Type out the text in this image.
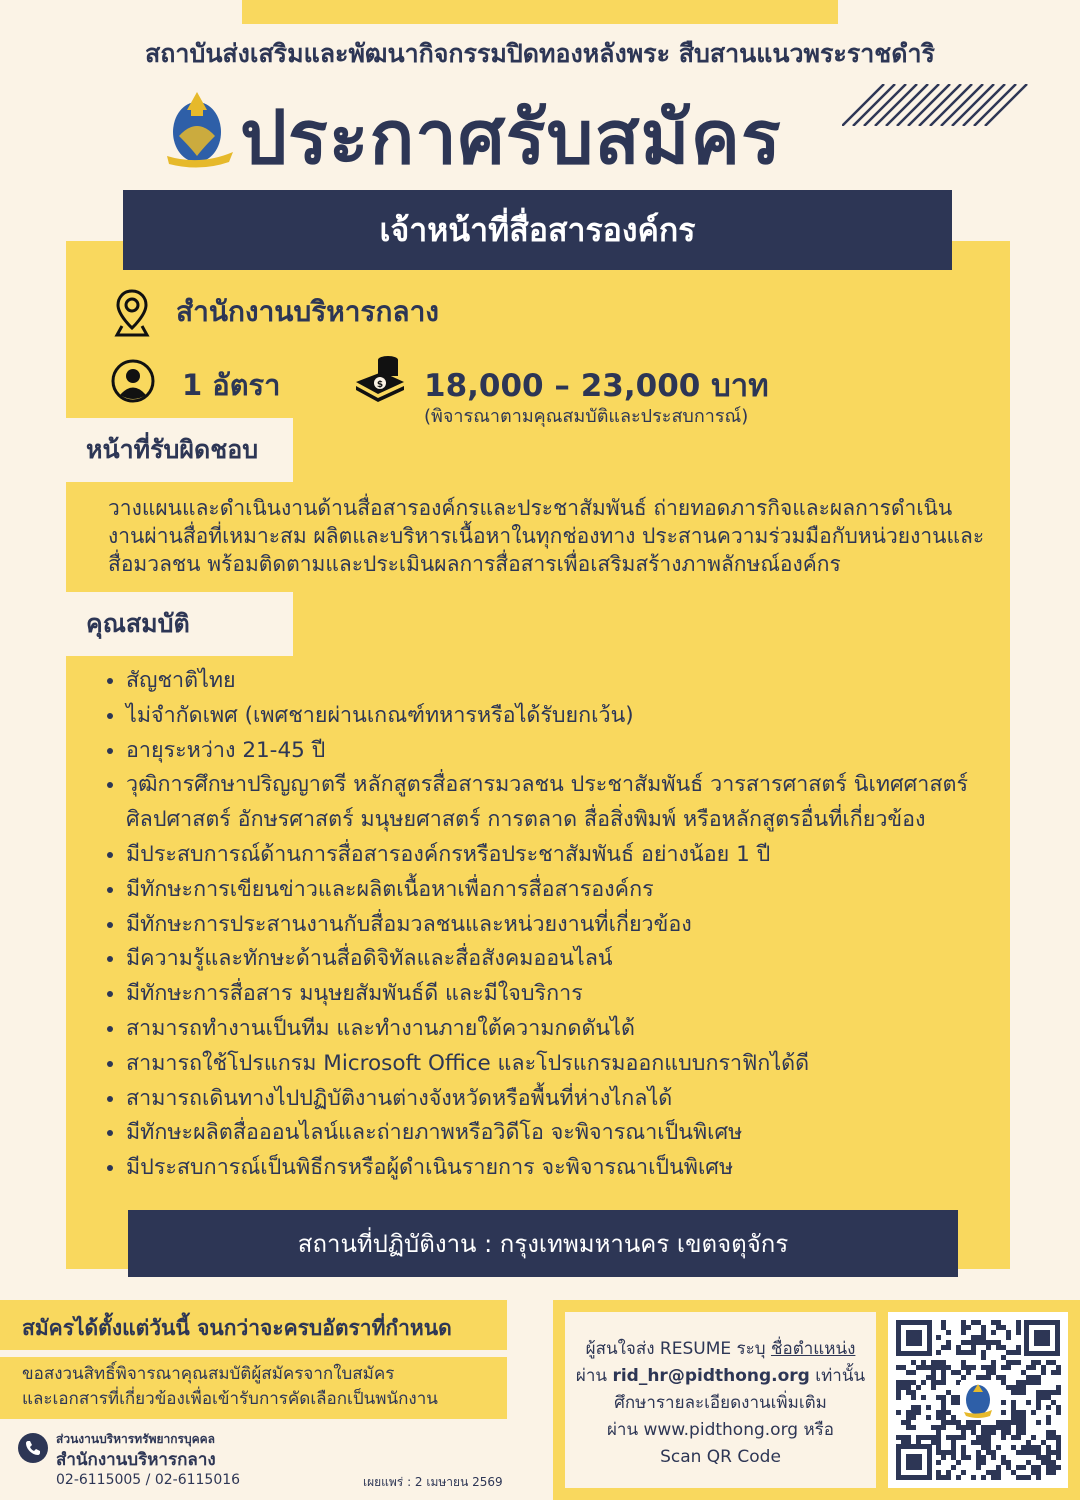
สถาบันส่งเสริมและพัฒนากิจกรรมปิดทองหลังพระ สืบสานแนวพระราชดำริ
ประกาศรับสมัคร
เจ้าหน้าที่สื่อสารองค์กร
สำนักงานบริหารกลาง
1 อัตรา	$ 18,000 – 23,000 บาท
(พิจารณาตามคุณสมบัติและประสบการณ์)
หน้าที่รับผิดชอบ
วางแผนและดำเนินงานด้านสื่อสารองค์กรและประชาสัมพันธ์ ถ่ายทอดภารกิจและผลการดำเนินงานผ่านสื่อที่เหมาะสม ผลิตและบริหารเนื้อหาในทุกช่องทาง ประสานความร่วมมือกับหน่วยงานและสื่อมวลชน พร้อมติดตามและประเมินผลการสื่อสารเพื่อเสริมสร้างภาพลักษณ์องค์กร
คุณสมบัติ
• สัญชาติไทย
• ไม่จำกัดเพศ (เพศชายผ่านเกณฑ์ทหารหรือได้รับยกเว้น)
• อายุระหว่าง 21-45 ปี
• วุฒิการศึกษาปริญญาตรี หลักสูตรสื่อสารมวลชน ประชาสัมพันธ์ วารสารศาสตร์ นิเทศศาสตร์ ศิลปศาสตร์ อักษรศาสตร์ มนุษยศาสตร์ การตลาด สื่อสิ่งพิมพ์ หรือหลักสูตรอื่นที่เกี่ยวข้อง
• มีประสบการณ์ด้านการสื่อสารองค์กรหรือประชาสัมพันธ์ อย่างน้อย 1 ปี
• มีทักษะการเขียนข่าวและผลิตเนื้อหาเพื่อการสื่อสารองค์กร
• มีทักษะการประสานงานกับสื่อมวลชนและหน่วยงานที่เกี่ยวข้อง
• มีความรู้และทักษะด้านสื่อดิจิทัลและสื่อสังคมออนไลน์
• มีทักษะการสื่อสาร มนุษยสัมพันธ์ดี และมีใจบริการ
• สามารถทำงานเป็นทีม และทำงานภายใต้ความกดดันได้
• สามารถใช้โปรแกรม Microsoft Office และโปรแกรมออกแบบกราฟิกได้ดี
• สามารถเดินทางไปปฏิบัติงานต่างจังหวัดหรือพื้นที่ห่างไกลได้
• มีทักษะผลิตสื่อออนไลน์และถ่ายภาพหรือวิดีโอ จะพิจารณาเป็นพิเศษ
• มีประสบการณ์เป็นพิธีกรหรือผู้ดำเนินรายการ จะพิจารณาเป็นพิเศษ
สถานที่ปฏิบัติงาน : กรุงเทพมหานคร เขตจตุจักร
สมัครได้ตั้งแต่วันนี้ จนกว่าจะครบอัตราที่กำหนด
ขอสงวนสิทธิ์พิจารณาคุณสมบัติผู้สมัครจากใบสมัคร
และเอกสารที่เกี่ยวข้องเพื่อเข้ารับการคัดเลือกเป็นพนักงาน
ส่วนงานบริหารทรัพยากรบุคคล
สำนักงานบริหารกลาง
02-6115005 / 02-6115016	เผยแพร่ : 2 เมษายน 2569
ผู้สนใจส่ง RESUME ระบุ ชื่อตำแหน่ง
ผ่าน rid_hr@pidthong.org เท่านั้น
ศึกษารายละเอียดงานเพิ่มเติม
ผ่าน www.pidthong.org หรือ
Scan QR Code
